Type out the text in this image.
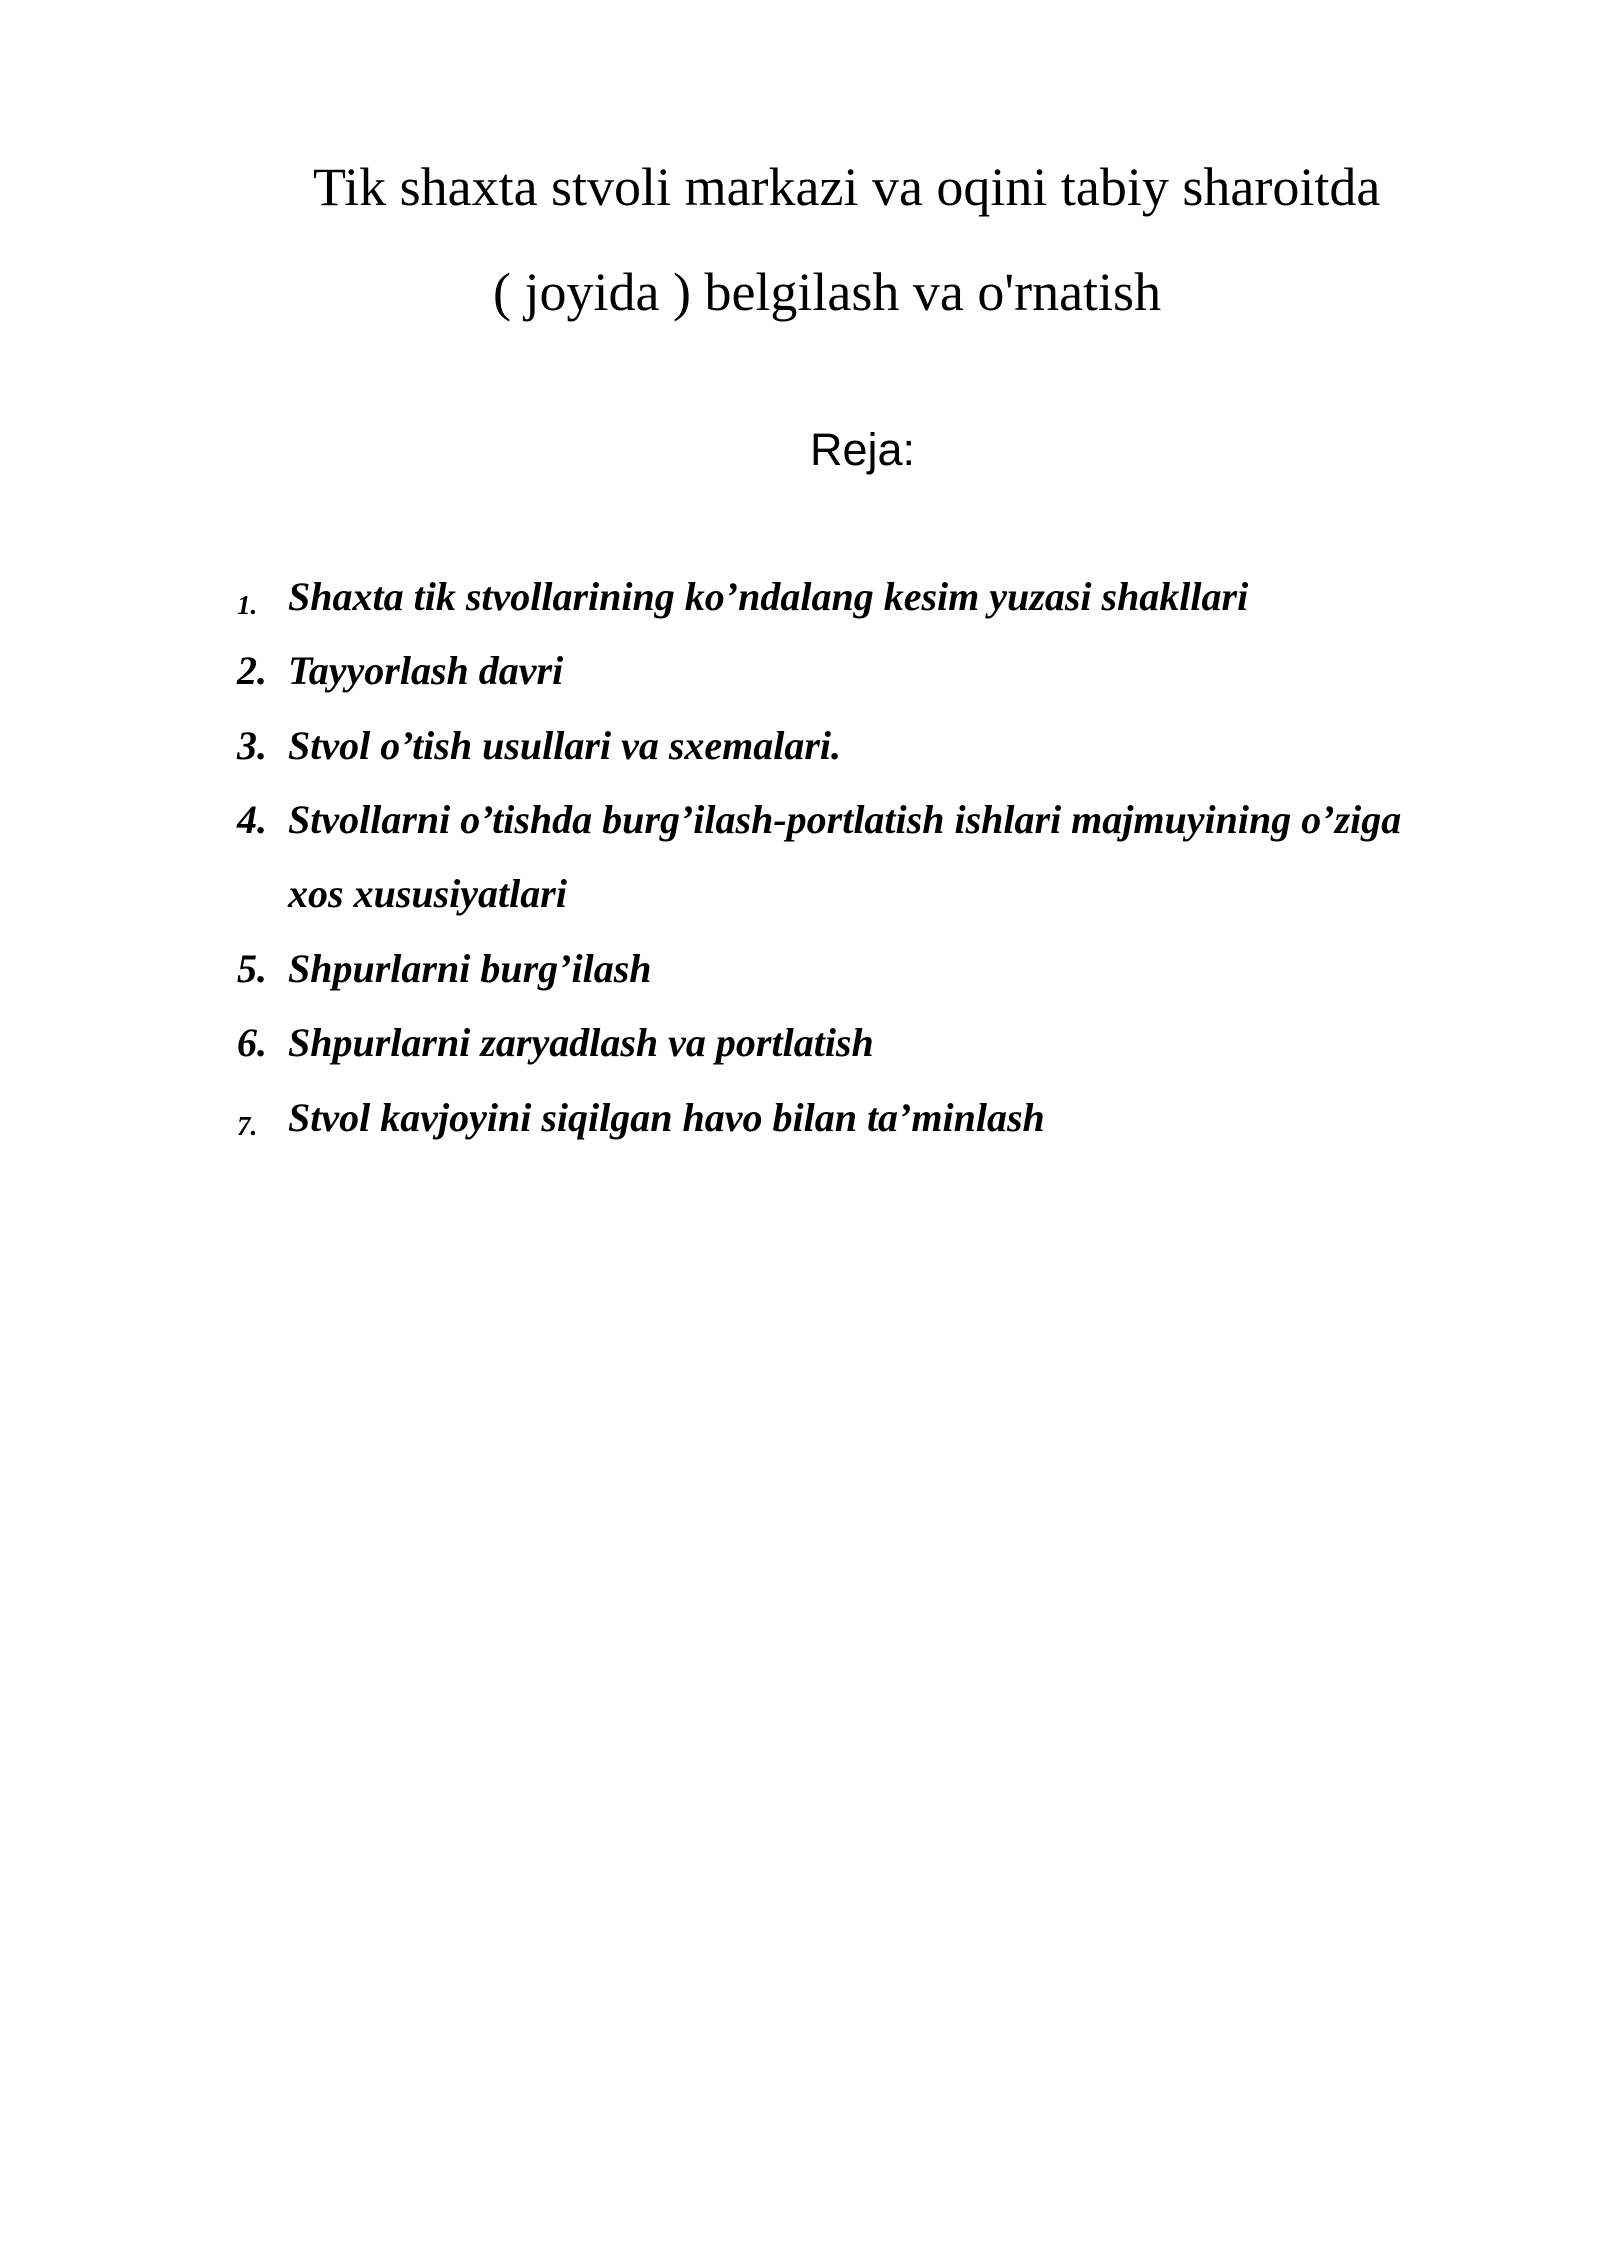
Tik shaxta stvoli markazi va oqini tabiy sharoitda
( joyida ) belgilash va o'rnatish
Reja:
1. Shaxta tik stvollarining ko’ndalang kesim yuzasi shakllari
2. Tayyorlash davri
3. Stvol o’tish usullari va sxemalari.
4. Stvollarni o’tishda burg’ilash-portlatish ishlari majmuyining o’ziga
xos xususiyatlari
5. Shpurlarni burg’ilash
6. Shpurlarni zaryadlash va portlatish
7. Stvol kavjoyini siqilgan havo bilan ta’minlash
